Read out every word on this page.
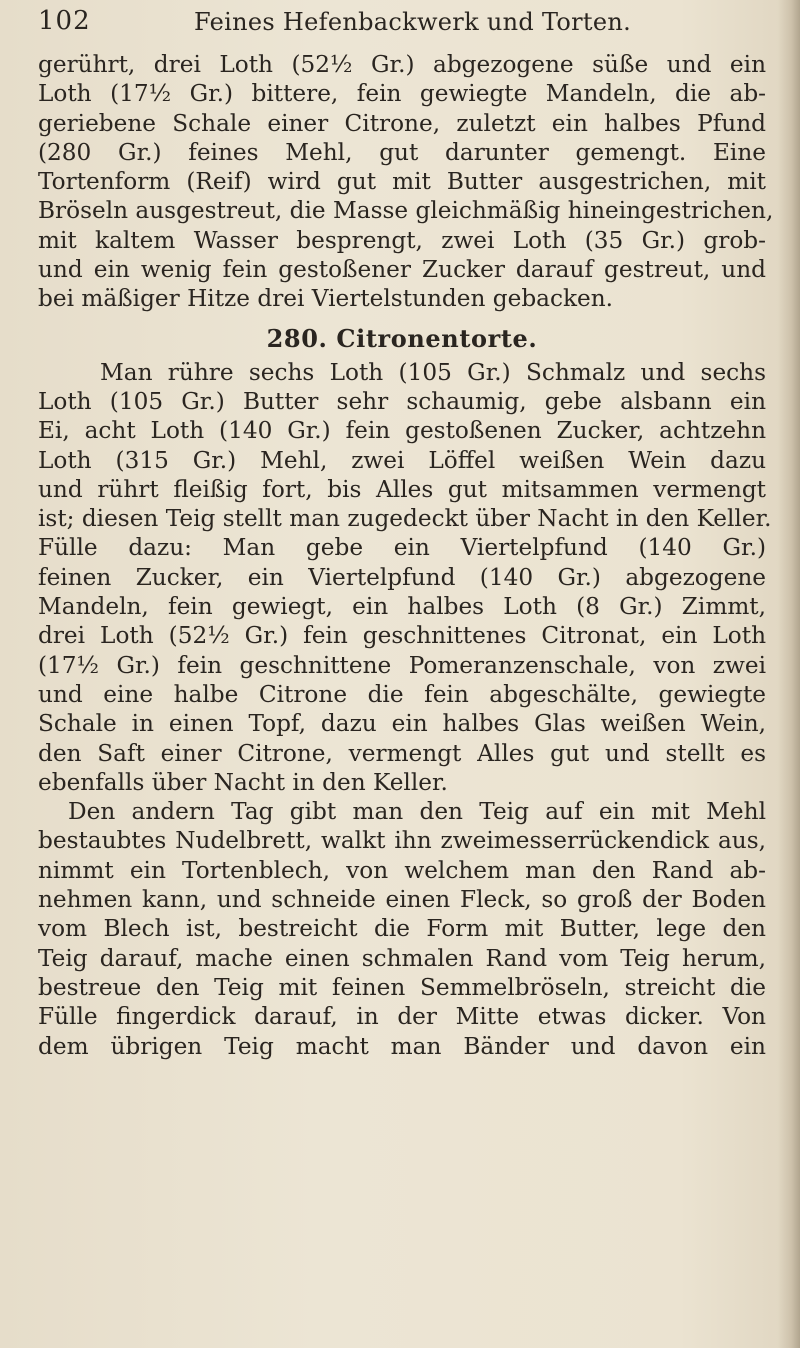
102	Feines Hefenbackwerk und Torten.
gerührt, drei Loth (52½ Gr.) abgezogene süße und ein
Loth (17½ Gr.) bittere, fein gewiegte Mandeln, die ab-
geriebene Schale einer Citrone, zuletzt ein halbes Pfund
(280 Gr.) feines Mehl, gut darunter gemengt. Eine
Tortenform (Reif) wird gut mit Butter ausgestrichen, mit
Bröseln ausgestreut, die Masse gleichmäßig hineingestrichen,
mit kaltem Wasser besprengt, zwei Loth (35 Gr.) grob-
und ein wenig fein gestoßener Zucker darauf gestreut, und
bei mäßiger Hitze drei Viertelstunden gebacken.
280. Citronentorte.
Man rühre sechs Loth (105 Gr.) Schmalz und sechs
Loth (105 Gr.) Butter sehr schaumig, gebe alsbann ein
Ei, acht Loth (140 Gr.) fein gestoßenen Zucker, achtzehn
Loth (315 Gr.) Mehl, zwei Löffel weißen Wein dazu
und rührt fleißig fort, bis Alles gut mitsammen vermengt
ist; diesen Teig stellt man zugedeckt über Nacht in den Keller.
Fülle dazu: Man gebe ein Viertelpfund (140 Gr.)
feinen Zucker, ein Viertelpfund (140 Gr.) abgezogene
Mandeln, fein gewiegt, ein halbes Loth (8 Gr.) Zimmt,
drei Loth (52½ Gr.) fein geschnittenes Citronat, ein Loth
(17½ Gr.) fein geschnittene Pomeranzenschale, von zwei
und eine halbe Citrone die fein abgeschälte, gewiegte
Schale in einen Topf, dazu ein halbes Glas weißen Wein,
den Saft einer Citrone, vermengt Alles gut und stellt es
ebenfalls über Nacht in den Keller.
Den andern Tag gibt man den Teig auf ein mit Mehl
bestaubtes Nudelbrett, walkt ihn zweimesserrückendick aus,
nimmt ein Tortenblech, von welchem man den Rand ab-
nehmen kann, und schneide einen Fleck, so groß der Boden
vom Blech ist, bestreicht die Form mit Butter, lege den
Teig darauf, mache einen schmalen Rand vom Teig herum,
bestreue den Teig mit feinen Semmelbröseln, streicht die
Fülle fingerdick darauf, in der Mitte etwas dicker. Von
dem übrigen Teig macht man Bänder und davon ein
